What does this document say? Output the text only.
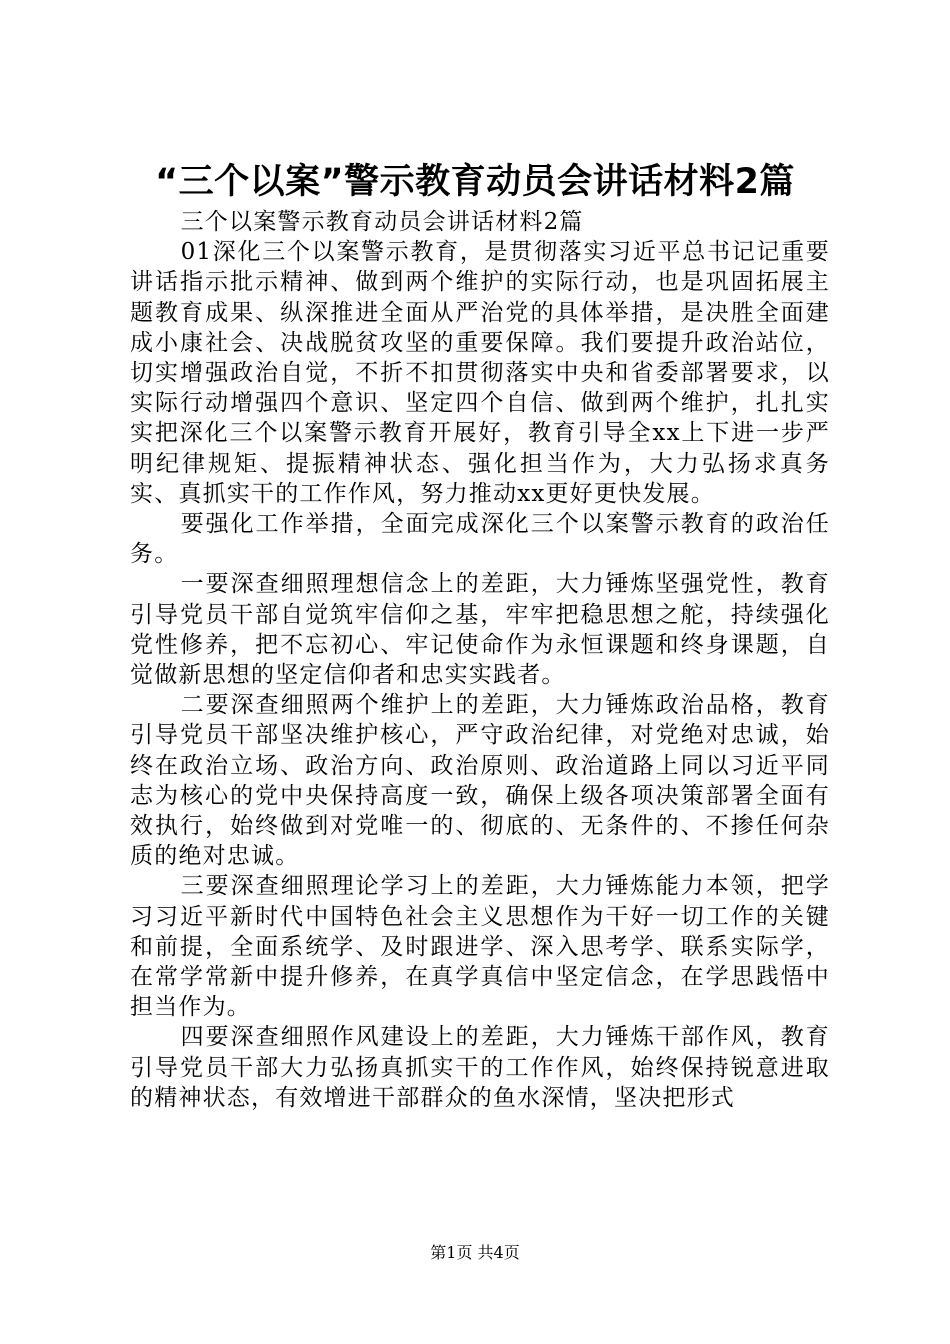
“三个以案”警示教育动员会讲话材料2篇

三个以案警示教育动员会讲话材料2篇

01深化三个以案警示教育，是贯彻落实习近平总书记记重要讲话指示批示精神、做到两个维护的实际行动，也是巩固拓展主题教育成果、纵深推进全面从严治党的具体举措，是决胜全面建成小康社会、决战脱贫攻坚的重要保障。我们要提升政治站位，切实增强政治自觉，不折不扣贯彻落实中央和省委部署要求，以实际行动增强四个意识、坚定四个自信、做到两个维护，扎扎实实把深化三个以案警示教育开展好，教育引导全xx上下进一步严明纪律规矩、提振精神状态、强化担当作为，大力弘扬求真务实、真抓实干的工作作风，努力推动xx更好更快发展。

要强化工作举措，全面完成深化三个以案警示教育的政治任务。

一要深查细照理想信念上的差距，大力锤炼坚强党性，教育引导党员干部自觉筑牢信仰之基，牢牢把稳思想之舵，持续强化党性修养，把不忘初心、牢记使命作为永恒课题和终身课题，自觉做新思想的坚定信仰者和忠实实践者。

二要深查细照两个维护上的差距，大力锤炼政治品格，教育引导党员干部坚决维护核心，严守政治纪律，对党绝对忠诚，始终在政治立场、政治方向、政治原则、政治道路上同以习近平同志为核心的党中央保持高度一致，确保上级各项决策部署全面有效执行，始终做到对党唯一的、彻底的、无条件的、不掺任何杂质的绝对忠诚。

三要深查细照理论学习上的差距，大力锤炼能力本领，把学习习近平新时代中国特色社会主义思想作为干好一切工作的关键和前提，全面系统学、及时跟进学、深入思考学、联系实际学，在常学常新中提升修养，在真学真信中坚定信念，在学思践悟中担当作为。

四要深查细照作风建设上的差距，大力锤炼干部作风，教育引导党员干部大力弘扬真抓实干的工作作风，始终保持锐意进取的精神状态，有效增进干部群众的鱼水深情，坚决把形式

第1页 共4页
